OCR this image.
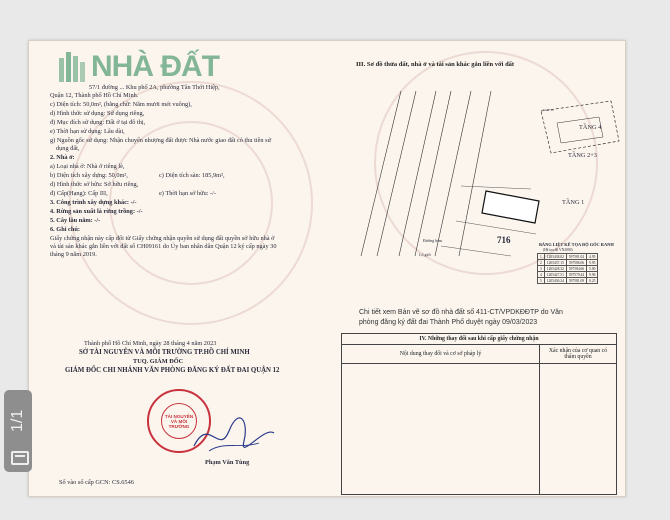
NHÀ ĐẤT
57/1 đường ... Khu phố 2A, phường Tân Thới Hiệp,
Quận 12, Thành phố Hồ Chí Minh.
c) Diện tích: 50,0m², (bằng chữ: Năm mươi mét vuông),
d) Hình thức sử dụng: Sử dụng riêng,
đ) Mục đích sử dụng: Đất ở tại đô thị,
e) Thời hạn sử dụng: Lâu dài,
g) Nguồn gốc sử dụng: Nhận chuyển nhượng đất được Nhà nước giao đất có thu tiền sử
dụng đất,
2. Nhà ở:
a) Loại nhà ở: Nhà ở riêng lẻ,
b) Diện tích xây dựng: 50,0m²,	c) Diện tích sàn: 185,9m²,
d) Hình thức sở hữu: Sở hữu riêng,
đ) Cấp(Hạng): Cấp III,	e) Thời hạn sở hữu: -/-
3. Công trình xây dựng khác: -/-
4. Rừng sản xuất là rừng trồng: -/-
5. Cây lâu năm: -/-
6. Ghi chú:
Giấy chứng nhận này cấp đổi từ Giấy chứng nhận quyền sử dụng đất quyền sở hữu nhà ở
và tài sản khác gắn liền với đất số CH09161 do Ủy ban nhân dân Quận 12 ký cấp ngày 30
tháng 9 năm 2019.
Thành phố Hồ Chí Minh, ngày 28 tháng 4 năm 2023
SỞ TÀI NGUYÊN VÀ MÔI TRƯỜNG TP.HỒ CHÍ MINH
TUQ. GIÁM ĐỐC
GIÁM ĐỐC CHI NHÁNH VĂN PHÒNG ĐĂNG KÝ ĐẤT ĐAI QUẬN 12
TÀI NGUYÊN VÀ MÔI TRƯỜNG
Phạm Văn Tùng
Số vào sổ cấp GCN: CS.6546
III. Sơ đồ thửa đất, nhà ở và tài sản khác gắn liền với đất
Số 57/1C
716
TẦNG 4
TẦNG 2+3
TẦNG 1
Đường hẻm
Lộ giới
BẢNG LIỆT KÊ TỌA ĐỘ GÓC RANH
(Hệ tọa độ VN2000)
1	1205438.02	597581.02	4.95
2	1205437.15	597586.06	9.95
3	1205428.32	597584.66	5.00
4	1205427.51	597579.44	9.96
5	1205436.24	597581.09	0.25
Chi tiết xem Bản vẽ sơ đồ nhà đất số 411-CT/VPDKĐĐTP do Văn
phòng đăng ký đất đai Thành Phố duyệt ngày 09/03/2023
IV. Những thay đổi sau khi cấp giấy chứng nhận	
Nội dung thay đổi và cơ sở pháp lý	Xác nhận của cơ quan có thẩm quyền

1/1
